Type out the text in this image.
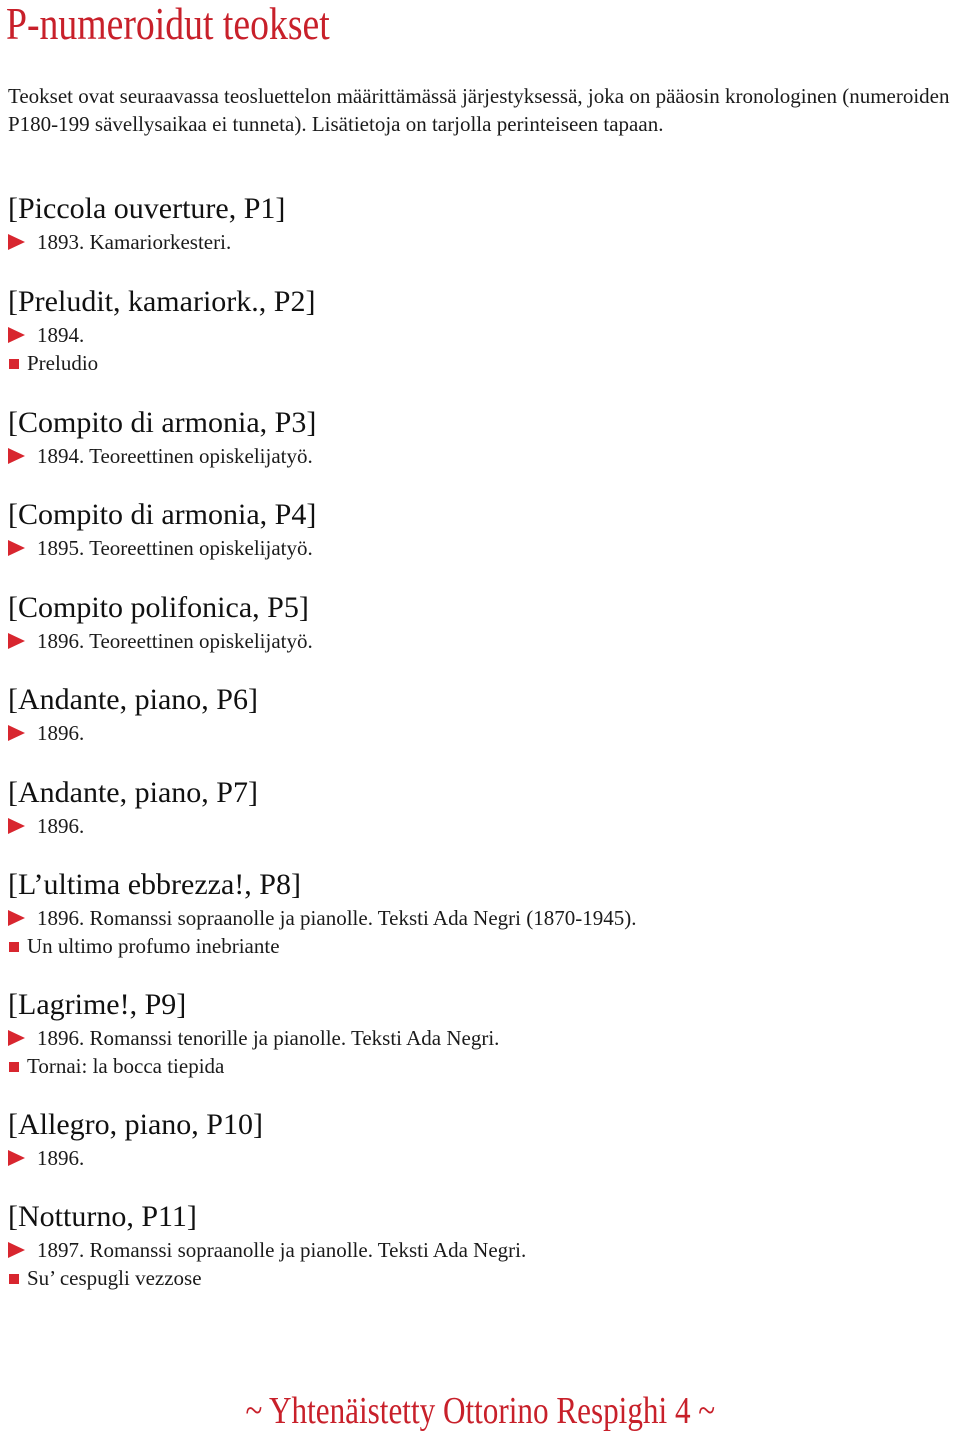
P-numeroidut teokset

Teokset ovat seuraavassa teosluettelon määrittämässä järjestyksessä, joka on pääosin kronologinen (numeroiden P180-199 sävellysaikaa ei tunneta). Lisätietoja on tarjolla perinteiseen tapaan.

[Piccola ouverture, P1]
1893. Kamariorkesteri.
[Preludit, kamariork., P2]
1894.
Preludio
[Compito di armonia, P3]
1894. Teoreettinen opiskelijatyö.
[Compito di armonia, P4]
1895. Teoreettinen opiskelijatyö.
[Compito polifonica, P5]
1896. Teoreettinen opiskelijatyö.
[Andante, piano, P6]
1896.
[Andante, piano, P7]
1896.
[L’ultima ebbrezza!, P8]
1896. Romanssi sopraanolle ja pianolle. Teksti Ada Negri (1870-1945).
Un ultimo profumo inebriante
[Lagrime!, P9]
1896. Romanssi tenorille ja pianolle. Teksti Ada Negri.
Tornai: la bocca tiepida
[Allegro, piano, P10]
1896.
[Notturno, P11]
1897. Romanssi sopraanolle ja pianolle. Teksti Ada Negri.
Su’ cespugli vezzose
~ Yhtenäistetty Ottorino Respighi 4 ~
